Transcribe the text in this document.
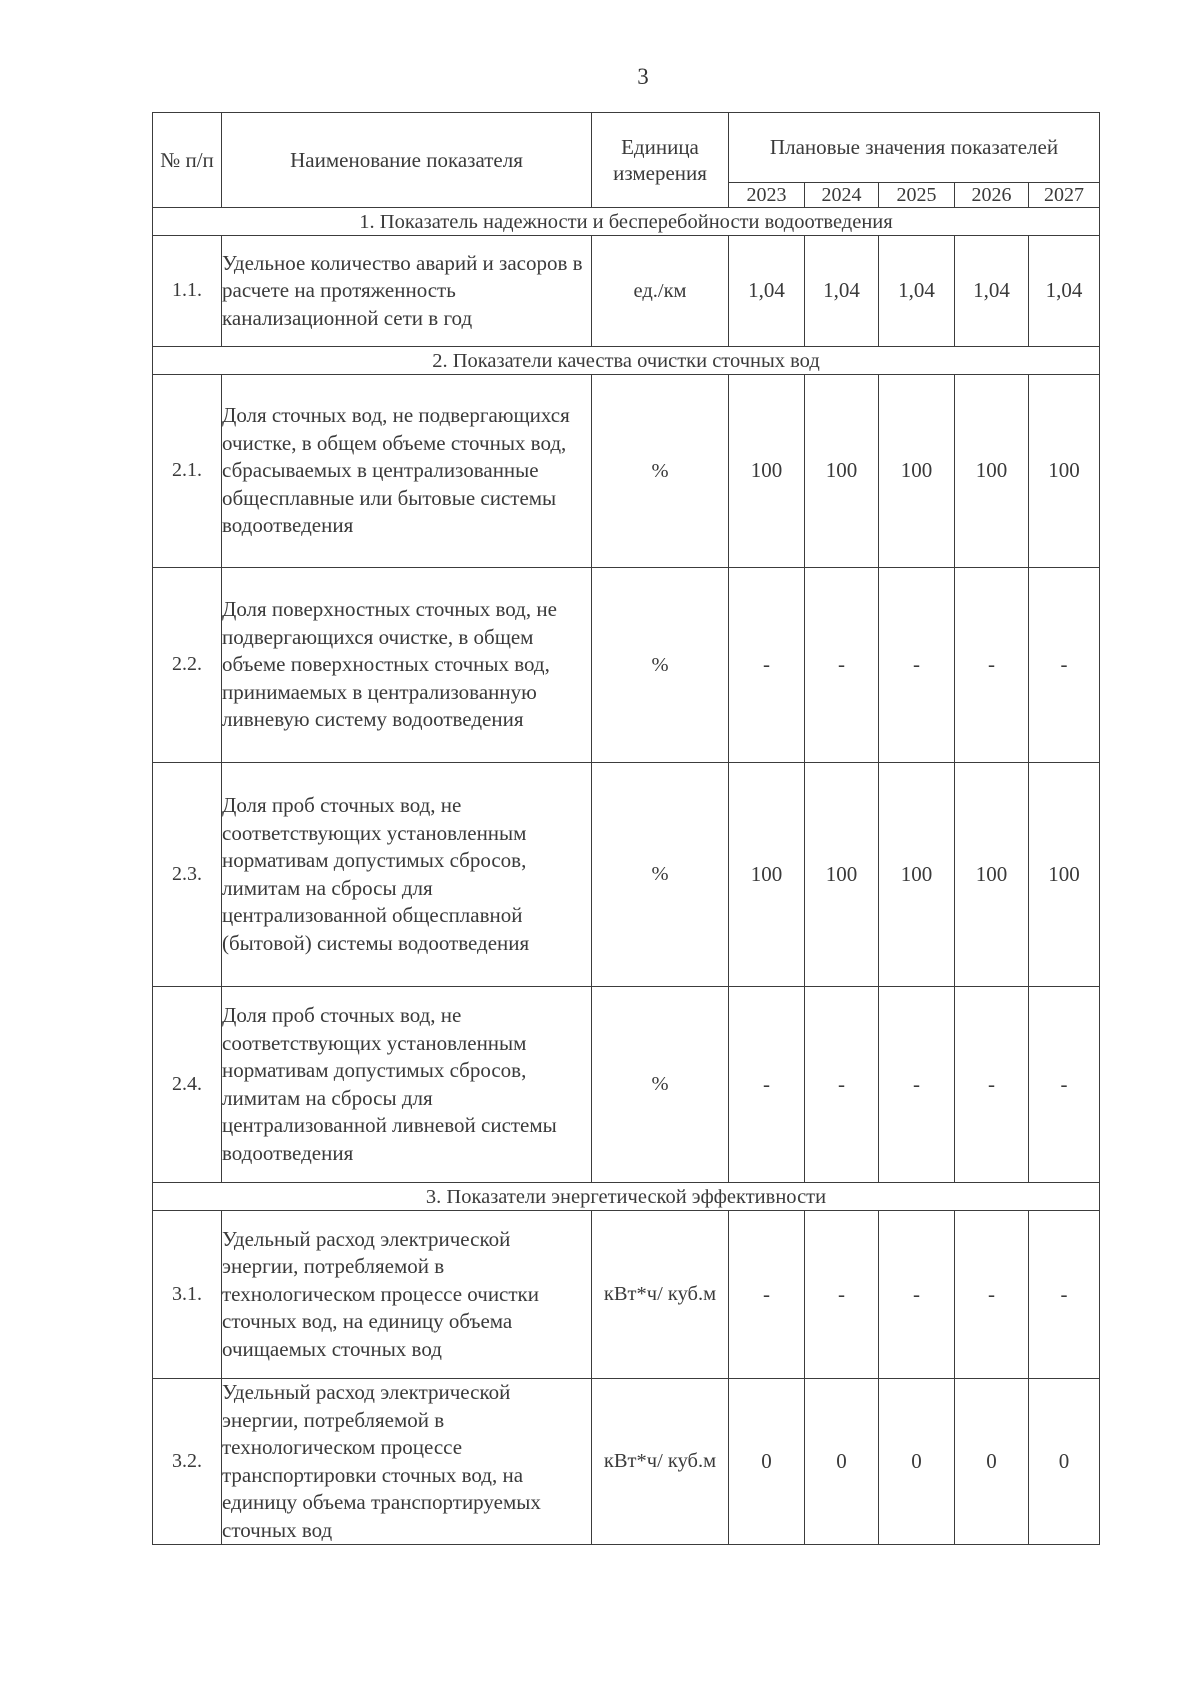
3
№ п/п	Наименование показателя	Единица измерения	Плановые значения показателей				
			2023	2024	2025	2026	2027
1. Показатель надежности и бесперебойности водоотведения							
1.1.	Удельное количество аварий и засоров в расчете на протяженность канализационной сети в год	ед./км	1,04	1,04	1,04	1,04	1,04
2. Показатели качества очистки сточных вод							
2.1.	Доля сточных вод, не подвергающихся очистке, в общем объеме сточных вод, сбрасываемых в централизованные общесплавные или бытовые системы водоотведения	%	100	100	100	100	100
2.2.	Доля поверхностных сточных вод, не подвергающихся очистке, в общем объеме поверхностных сточных вод, принимаемых в централизованную ливневую систему водоотведения	%	-	-	-	-	-
2.3.	Доля проб сточных вод, не соответствующих установленным нормативам допустимых сбросов, лимитам на сбросы для централизованной общесплавной (бытовой) системы водоотведения	%	100	100	100	100	100
2.4.	Доля проб сточных вод, не соответствующих установленным нормативам допустимых сбросов, лимитам на сбросы для централизованной ливневой системы водоотведения	%	-	-	-	-	-
3. Показатели энергетической эффективности							
3.1.	Удельный расход электрической энергии, потребляемой в технологическом процессе очистки сточных вод, на единицу объема очищаемых сточных вод	кВт*ч/ куб.м	-	-	-	-	-
3.2.	Удельный расход электрической энергии, потребляемой в технологическом процессе транспортировки сточных вод, на единицу объема транспортируемых сточных вод	кВт*ч/ куб.м	0	0	0	0	0
